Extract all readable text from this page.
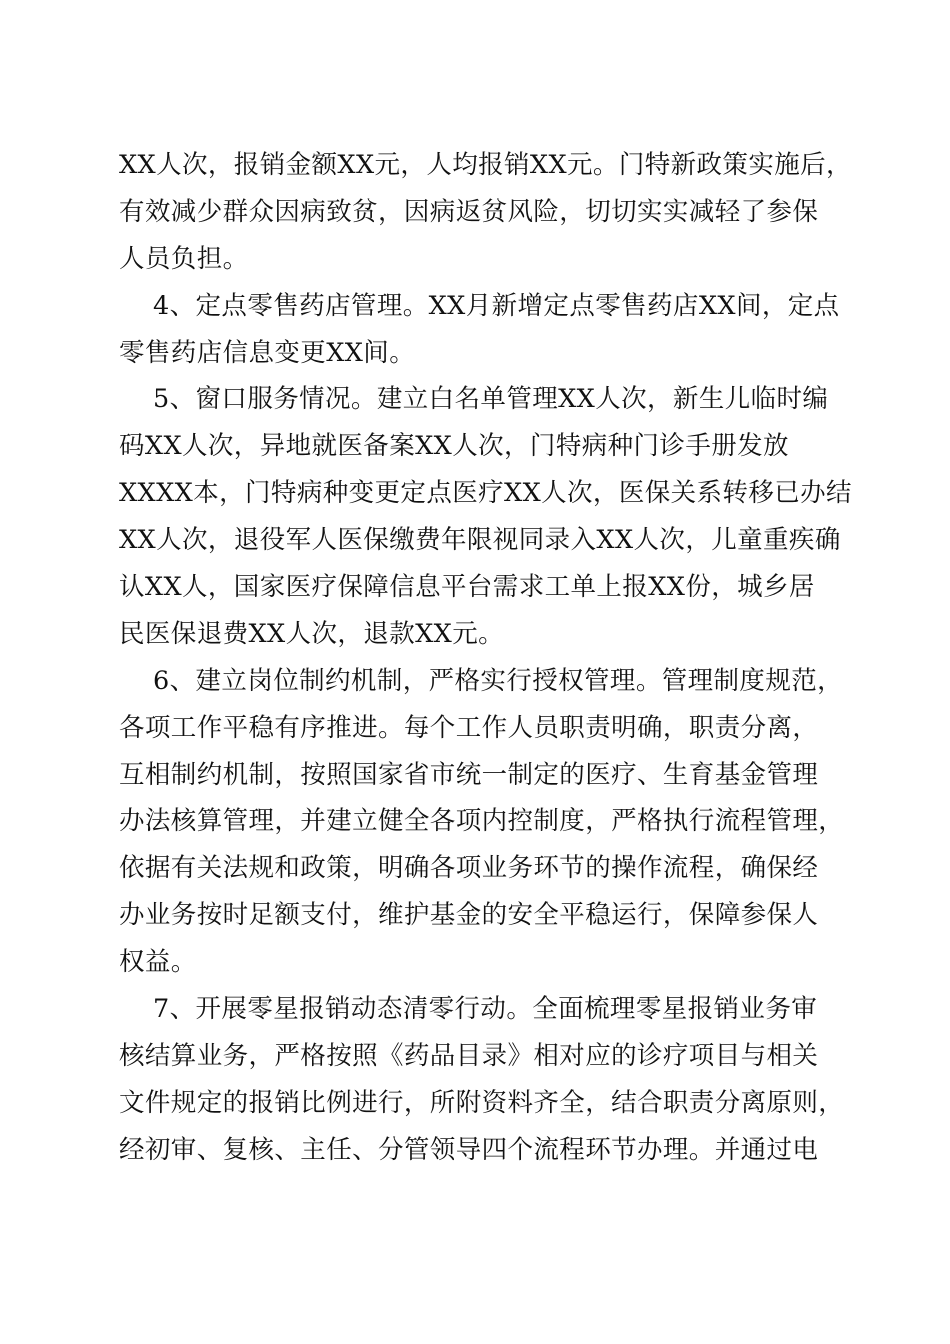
XX人次，报销金额XX元，人均报销XX元。门特新政策实施后，
有效减少群众因病致贫，因病返贫风险，切切实实减轻了参保
人员负担。
4、定点零售药店管理。XX月新增定点零售药店XX间，定点
零售药店信息变更XX间。
5、窗口服务情况。建立白名单管理XX人次，新生儿临时编
码XX人次，异地就医备案XX人次，门特病种门诊手册发放
XXXX本，门特病种变更定点医疗XX人次，医保关系转移已办结
XX人次，退役军人医保缴费年限视同录入XX人次，儿童重疾确
认XX人，国家医疗保障信息平台需求工单上报XX份，城乡居
民医保退费XX人次，退款XX元。
6、建立岗位制约机制，严格实行授权管理。管理制度规范，
各项工作平稳有序推进。每个工作人员职责明确，职责分离，
互相制约机制，按照国家省市统一制定的医疗、生育基金管理
办法核算管理，并建立健全各项内控制度，严格执行流程管理，
依据有关法规和政策，明确各项业务环节的操作流程，确保经
办业务按时足额支付，维护基金的安全平稳运行，保障参保人
权益。
7、开展零星报销动态清零行动。全面梳理零星报销业务审
核结算业务，严格按照《药品目录》相对应的诊疗项目与相关
文件规定的报销比例进行，所附资料齐全，结合职责分离原则，
经初审、复核、主任、分管领导四个流程环节办理。并通过电
